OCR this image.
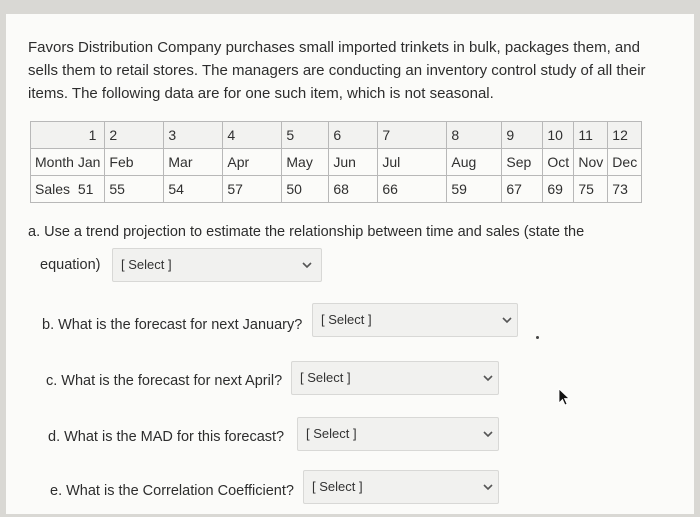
Favors Distribution Company purchases small imported trinkets in bulk, packages them, and sells them to retail stores. The managers are conducting an inventory control study of all their items. The following data are for one such item, which is not seasonal.
1	2	3	4	5	6	7	8	9	10	11	12
Month Jan	Feb	Mar	Apr	May	Jun	Jul	Aug	Sep	Oct	Nov	Dec
Sales 51	55	54	57	50	68	66	59	67	69	75	73
a. Use a trend projection to estimate the relationship between time and sales (state the
equation) [ Select ]
b. What is the forecast for next January? [ Select ]
c. What is the forecast for next April? [ Select ]
d. What is the MAD for this forecast? [ Select ]
e. What is the Correlation Coefficient? [ Select ]
